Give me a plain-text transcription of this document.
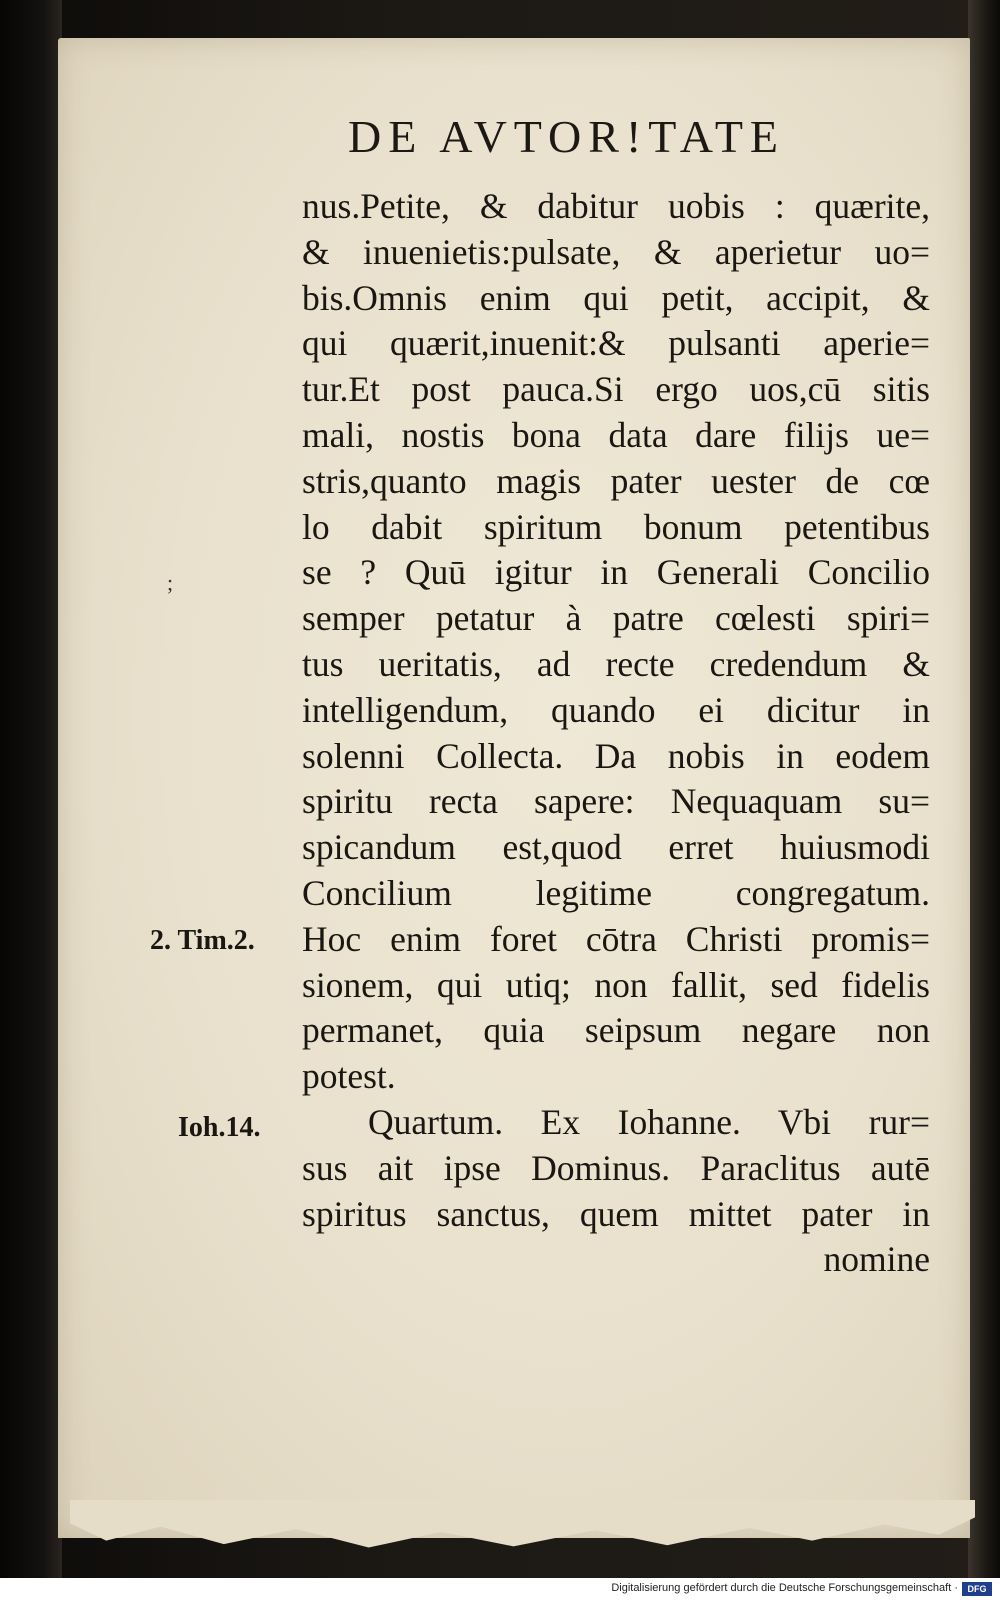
DE AVTOR!TATE
;
nus.Petite, & dabitur uobis : quærite,
& inuenietis:pulsate, & aperietur uo=
bis.Omnis enim qui petit, accipit, &
qui quærit,inuenit:& pulsanti aperie=
tur.Et post pauca.Si ergo uos,cū sitis
mali, nostis bona data dare filijs ue=
stris,quanto magis pater uester de cœ
lo dabit spiritum bonum petentibus
se ? Quū igitur in Generali Concilio
semper petatur à patre cœlesti spiri=
tus ueritatis, ad recte credendum &
intelligendum, quando ei dicitur in
solenni Collecta. Da nobis in eodem
spiritu recta sapere: Nequaquam su=
spicandum est,quod erret huiusmodi
Concilium legitime congregatum.
Hoc enim foret cōtra Christi promis=
sionem, qui utiq; non fallit, sed fidelis
permanet, quia seipsum negare non
potest.
Quartum. Ex Iohanne. Vbi rur=
sus ait ipse Dominus. Paraclitus autē
spiritus sanctus, quem mittet pater in
nomine
2. Tim.2.
Ioh.14.
Digitalisierung gefördert durch die Deutsche Forschungsgemeinschaft ·	DFG
